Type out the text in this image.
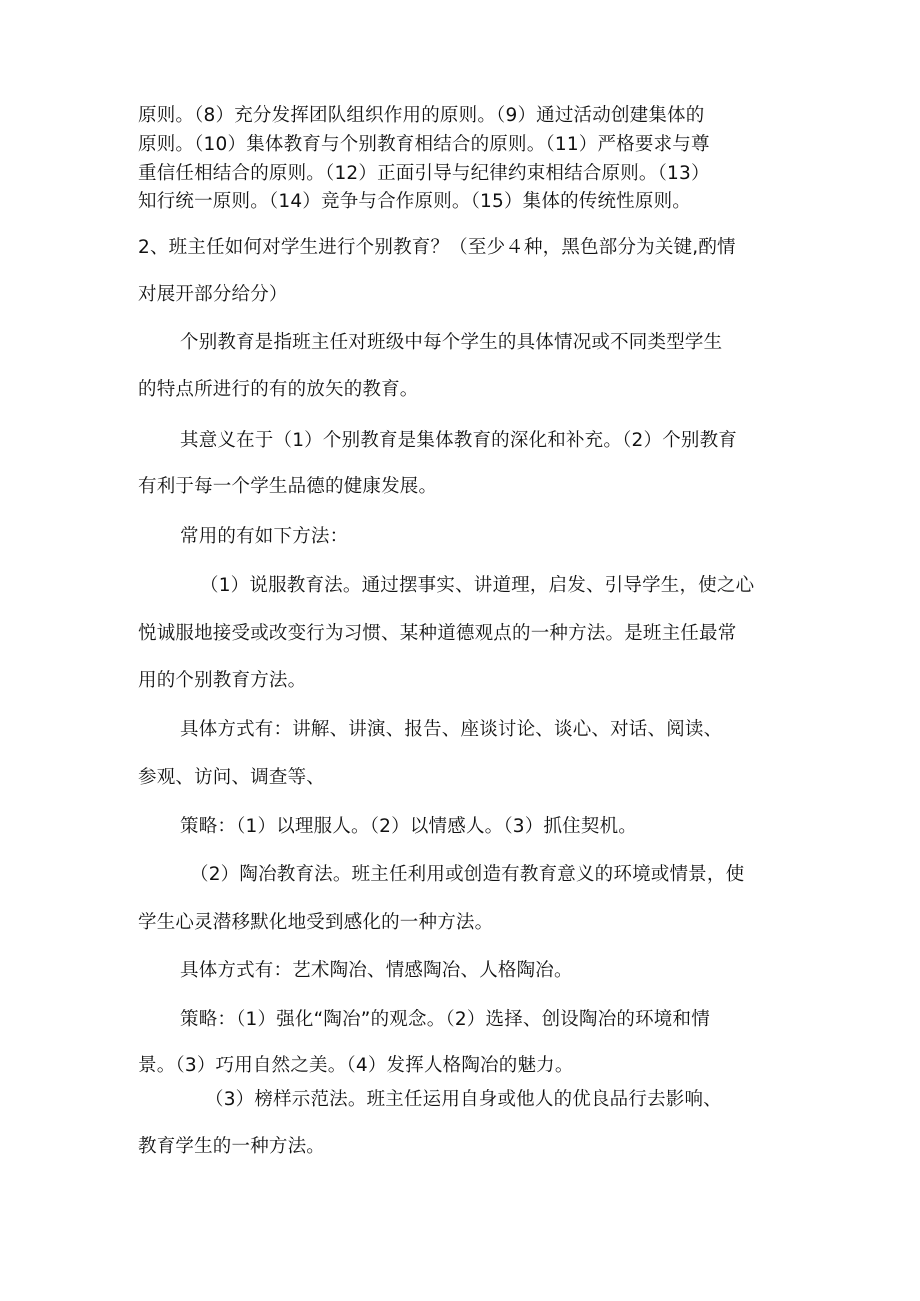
原则。（8）充分发挥团队组织作用的原则。（9）通过活动创建集体的
原则。（10）集体教育与个别教育相结合的原则。（11）严格要求与尊
重信任相结合的原则。（12）正面引导与纪律约束相结合原则。（13）
知行统一原则。（14）竞争与合作原则。（15）集体的传统性原则。
2、班主任如何对学生进行个别教育？（至少４种，黑色部分为关键,酌情
对展开部分给分）
个别教育是指班主任对班级中每个学生的具体情况或不同类型学生
的特点所进行的有的放矢的教育。
其意义在于（1）个别教育是集体教育的深化和补充。（2）个别教育
有利于每一个学生品德的健康发展。
常用的有如下方法：
（1）说服教育法。通过摆事实、讲道理，启发、引导学生，使之心
悦诚服地接受或改变行为习惯、某种道德观点的一种方法。是班主任最常
用的个别教育方法。
具体方式有：讲解、讲演、报告、座谈讨论、谈心、对话、阅读、
参观、访问、调查等、
策略：（1）以理服人。（2）以情感人。（3）抓住契机。
（2）陶冶教育法。班主任利用或创造有教育意义的环境或情景，使
学生心灵潜移默化地受到感化的一种方法。
具体方式有：艺术陶冶、情感陶冶、人格陶冶。
策略：（1）强化“陶冶”的观念。（2）选择、创设陶冶的环境和情
景。（3）巧用自然之美。（4）发挥人格陶冶的魅力。
（3）榜样示范法。班主任运用自身或他人的优良品行去影响、
教育学生的一种方法。
